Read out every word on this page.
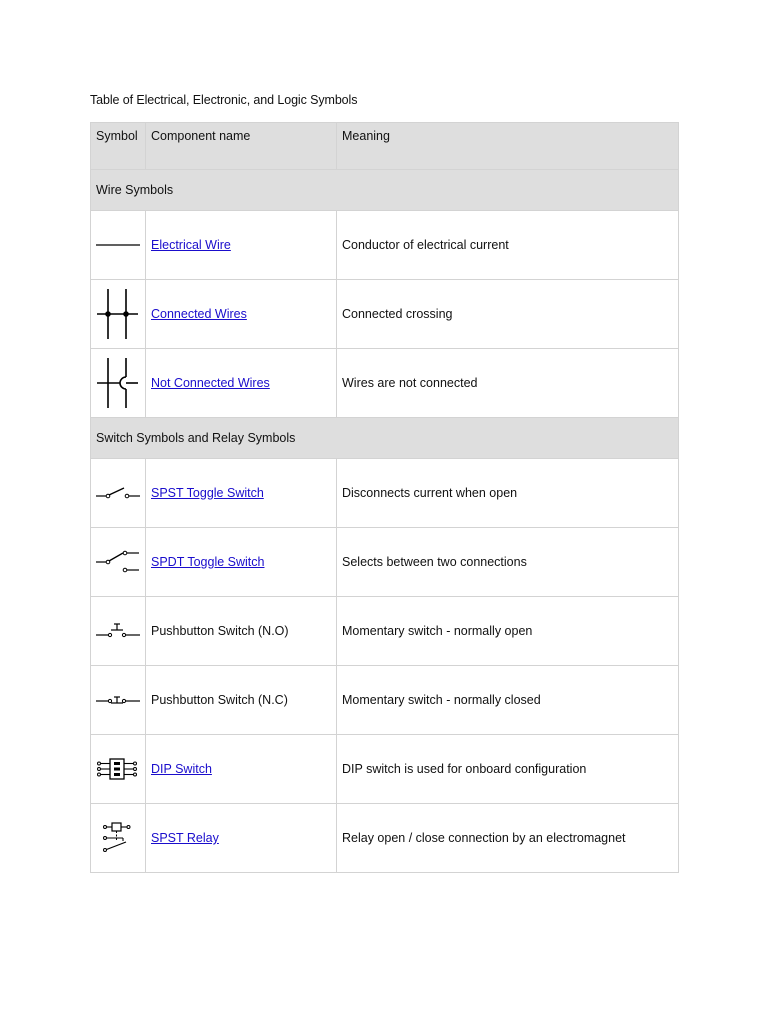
Table of Electrical, Electronic, and Logic Symbols
Symbol	Component name	Meaning
Wire Symbols		

	Electrical Wire	Conductor of electrical current

	Connected Wires	Connected crossing

	Not Connected Wires	Wires are not connected
Switch Symbols and Relay Symbols		

	SPST Toggle Switch	Disconnects current when open

	SPDT Toggle Switch	Selects between two connections

	Pushbutton Switch (N.O)	Momentary switch - normally open

	Pushbutton Switch (N.C)	Momentary switch - normally closed

	DIP Switch	DIP switch is used for onboard configuration

	SPST Relay	Relay open / close connection by an electromagnet
